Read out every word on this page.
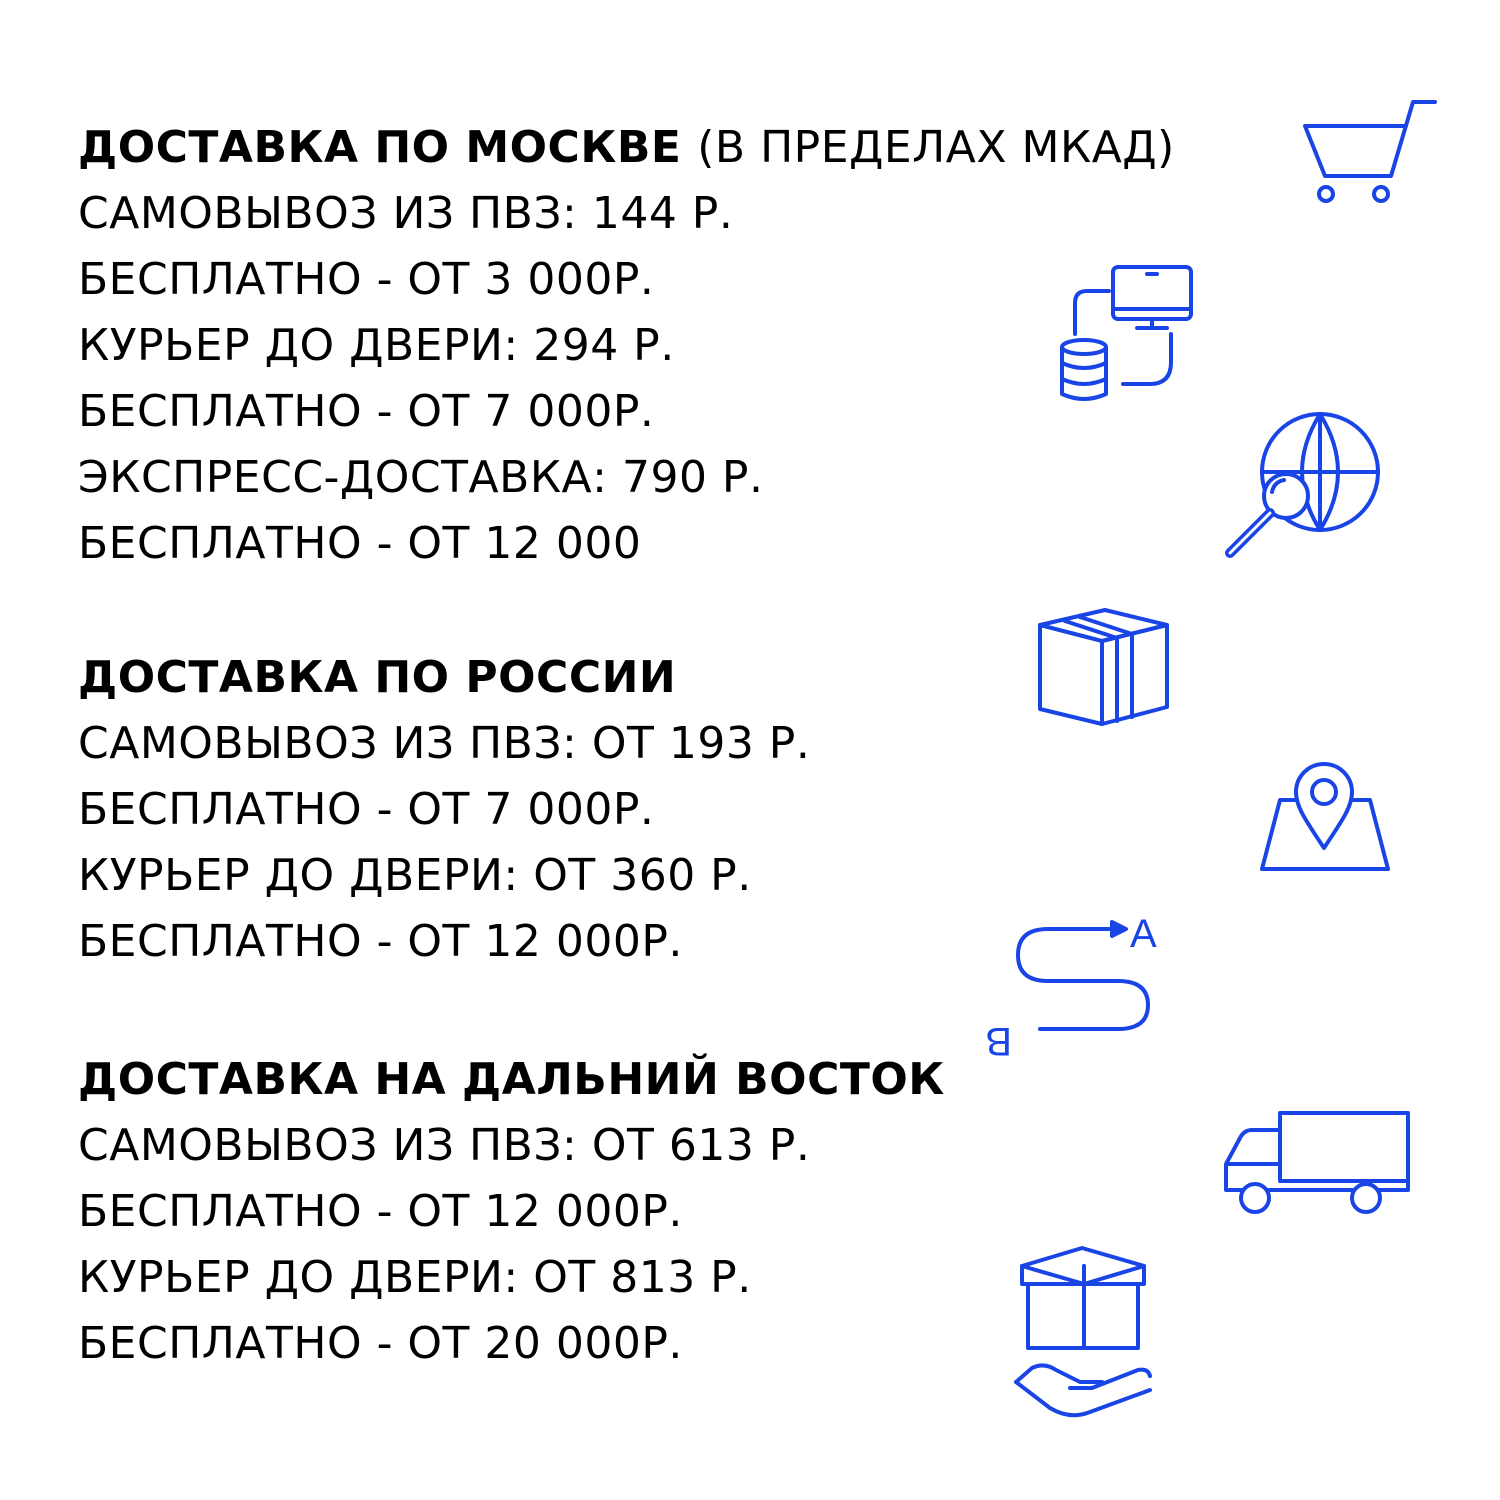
ДОСТАВКА ПО МОСКВЕ (В ПРЕДЕЛАХ МКАД)
САМОВЫВОЗ ИЗ ПВЗ: 144 Р.
БЕСПЛАТНО - ОТ 3 000Р.
КУРЬЕР ДО ДВЕРИ: 294 Р.
БЕСПЛАТНО - ОТ 7 000Р.
ЭКСПРЕСС-ДОСТАВКА: 790 Р.
БЕСПЛАТНО - ОТ 12 000
ДОСТАВКА ПО РОССИИ
САМОВЫВОЗ ИЗ ПВЗ: ОТ 193 Р.
БЕСПЛАТНО - ОТ 7 000Р.
КУРЬЕР ДО ДВЕРИ: ОТ 360 Р.
БЕСПЛАТНО - ОТ 12 000Р.
ДОСТАВКА НА ДАЛЬНИЙ ВОСТОК
САМОВЫВОЗ ИЗ ПВЗ: ОТ 613 Р.
БЕСПЛАТНО - ОТ 12 000Р.
КУРЬЕР ДО ДВЕРИ: ОТ 813 Р.
БЕСПЛАТНО - ОТ 20 000Р.
A
B
